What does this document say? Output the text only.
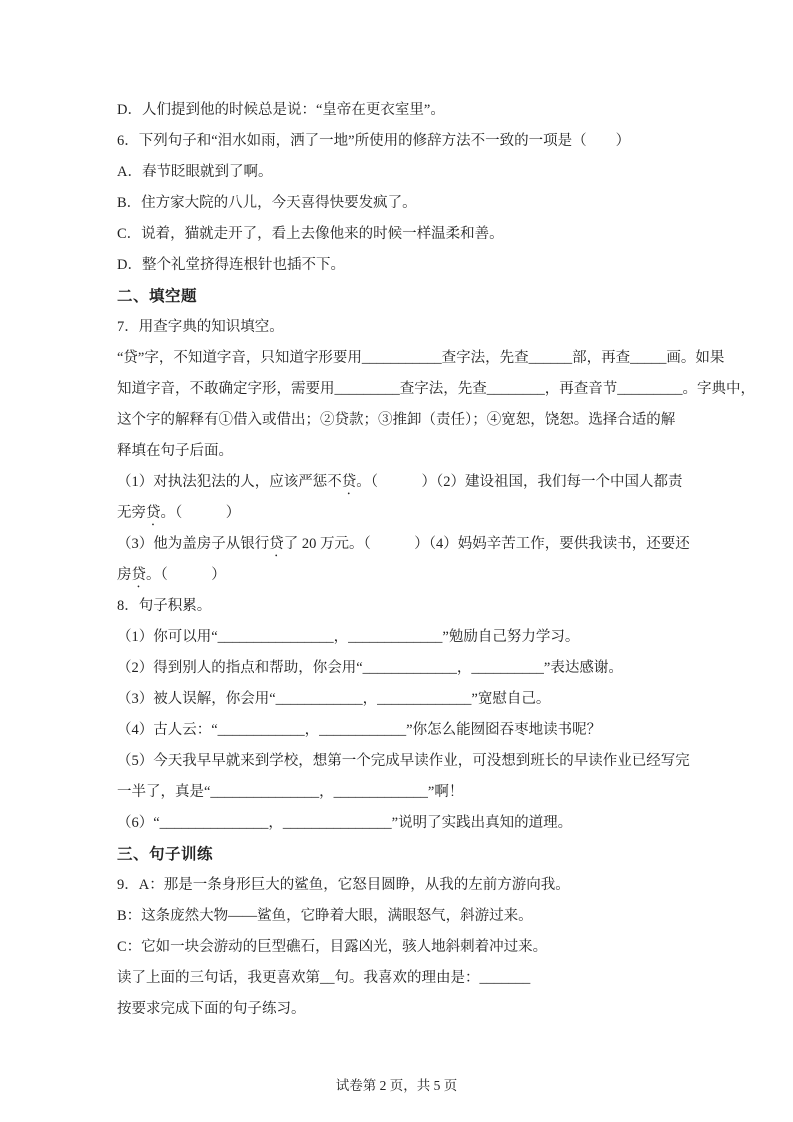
D．人们提到他的时候总是说：“皇帝在更衣室里”。

6．下列句子和“泪水如雨，洒了一地”所使用的修辞方法不一致的一项是（　　）

A．春节眨眼就到了啊。

B．住方家大院的八儿，今天喜得快要发疯了。

C．说着，猫就走开了，看上去像他来的时候一样温柔和善。

D．整个礼堂挤得连根针也插不下。

二、填空题

7．用查字典的知识填空。

“贷”字，不知道字音，只知道字形要用___________查字法，先查______部，再查_____画。如果

知道字音，不敢确定字形，需要用_________查字法，先查________，再查音节_________。字典中，

这个字的解释有①借入或借出；②贷款；③推卸（责任）；④宽恕，饶恕。选择合适的解

释填在句子后面。

（1）对执法犯法的人，应该严惩不贷。（　　　）（2）建设祖国，我们每一个中国人都责

无旁贷。（　　　）

（3）他为盖房子从银行贷了 20 万元。（　　　）（4）妈妈辛苦工作，要供我读书，还要还

房贷。（　　　）

8．句子积累。

（1）你可以用“________________，_____________”勉励自己努力学习。

（2）得到别人的指点和帮助，你会用“_____________，__________”表达感谢。

（3）被人误解，你会用“____________，_____________”宽慰自己。

（4）古人云：“____________，____________”你怎么能囫囵吞枣地读书呢？

（5）今天我早早就来到学校，想第一个完成早读作业，可没想到班长的早读作业已经写完

一半了，真是“_______________，_____________”啊！

（6）“_______________，_______________”说明了实践出真知的道理。

三、句子训练

9．A：那是一条身形巨大的鲨鱼，它怒目圆睁，从我的左前方游向我。

B：这条庞然大物——鲨鱼，它睁着大眼，满眼怒气，斜游过来。

C：它如一块会游动的巨型礁石，目露凶光，骇人地斜刺着冲过来。

读了上面的三句话，我更喜欢第__句。我喜欢的理由是：_______

按要求完成下面的句子练习。

试卷第 2 页，共 5 页
